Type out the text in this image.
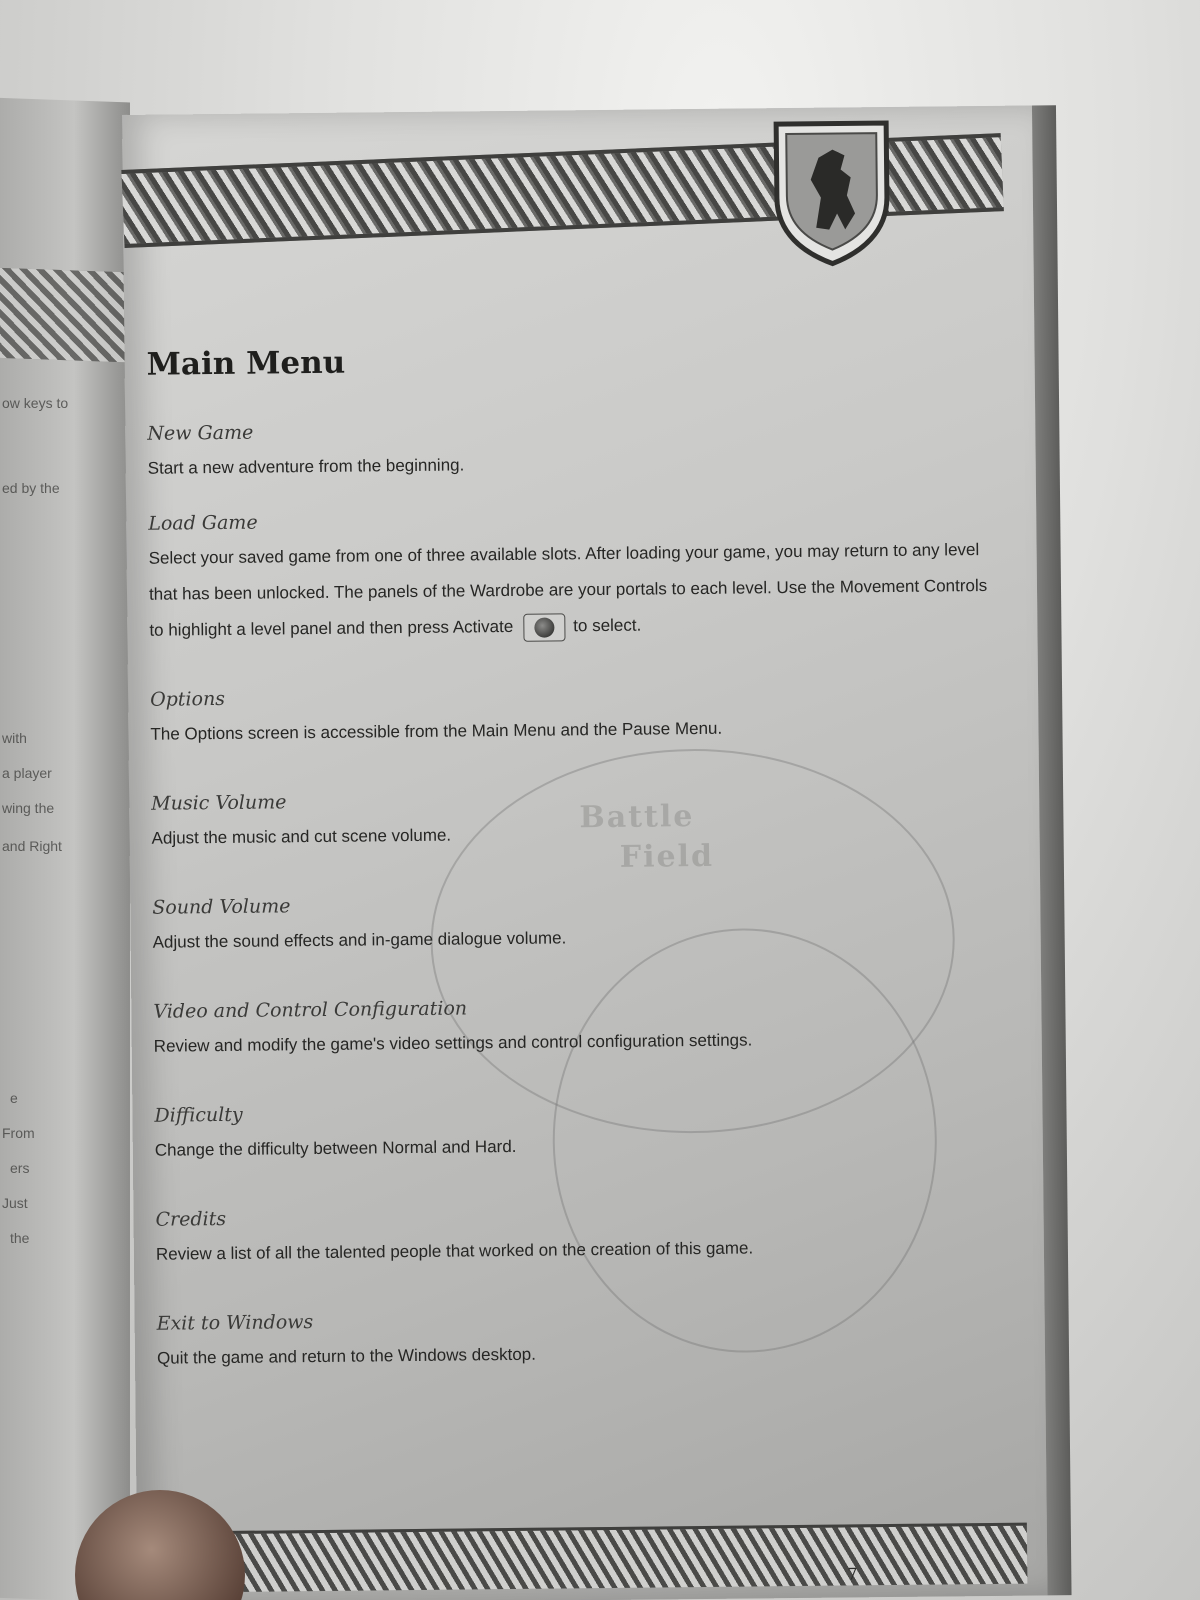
ow keys to
ed by the
with
a player
wing the
and Right
e
From
ers
Just
the
Battle
Field
Main Menu
New Game
Start a new adventure from the beginning.
Load Game
Select your saved game from one of three available slots. After loading your game, you may return to any level that has been unlocked. The panels of the Wardrobe are your portals to each level. Use the Movement Controls to highlight a level panel and then press Activate	to select.
Options
The Options screen is accessible from the Main Menu and the Pause Menu.
Music Volume
Adjust the music and cut scene volume.
Sound Volume
Adjust the sound effects and in-game dialogue volume.
Video and Control Configuration
Review and modify the game's video settings and control configuration settings.
Difficulty
Change the difficulty between Normal and Hard.
Credits
Review a list of all the talented people that worked on the creation of this game.
Exit to Windows
Quit the game and return to the Windows desktop.
7
